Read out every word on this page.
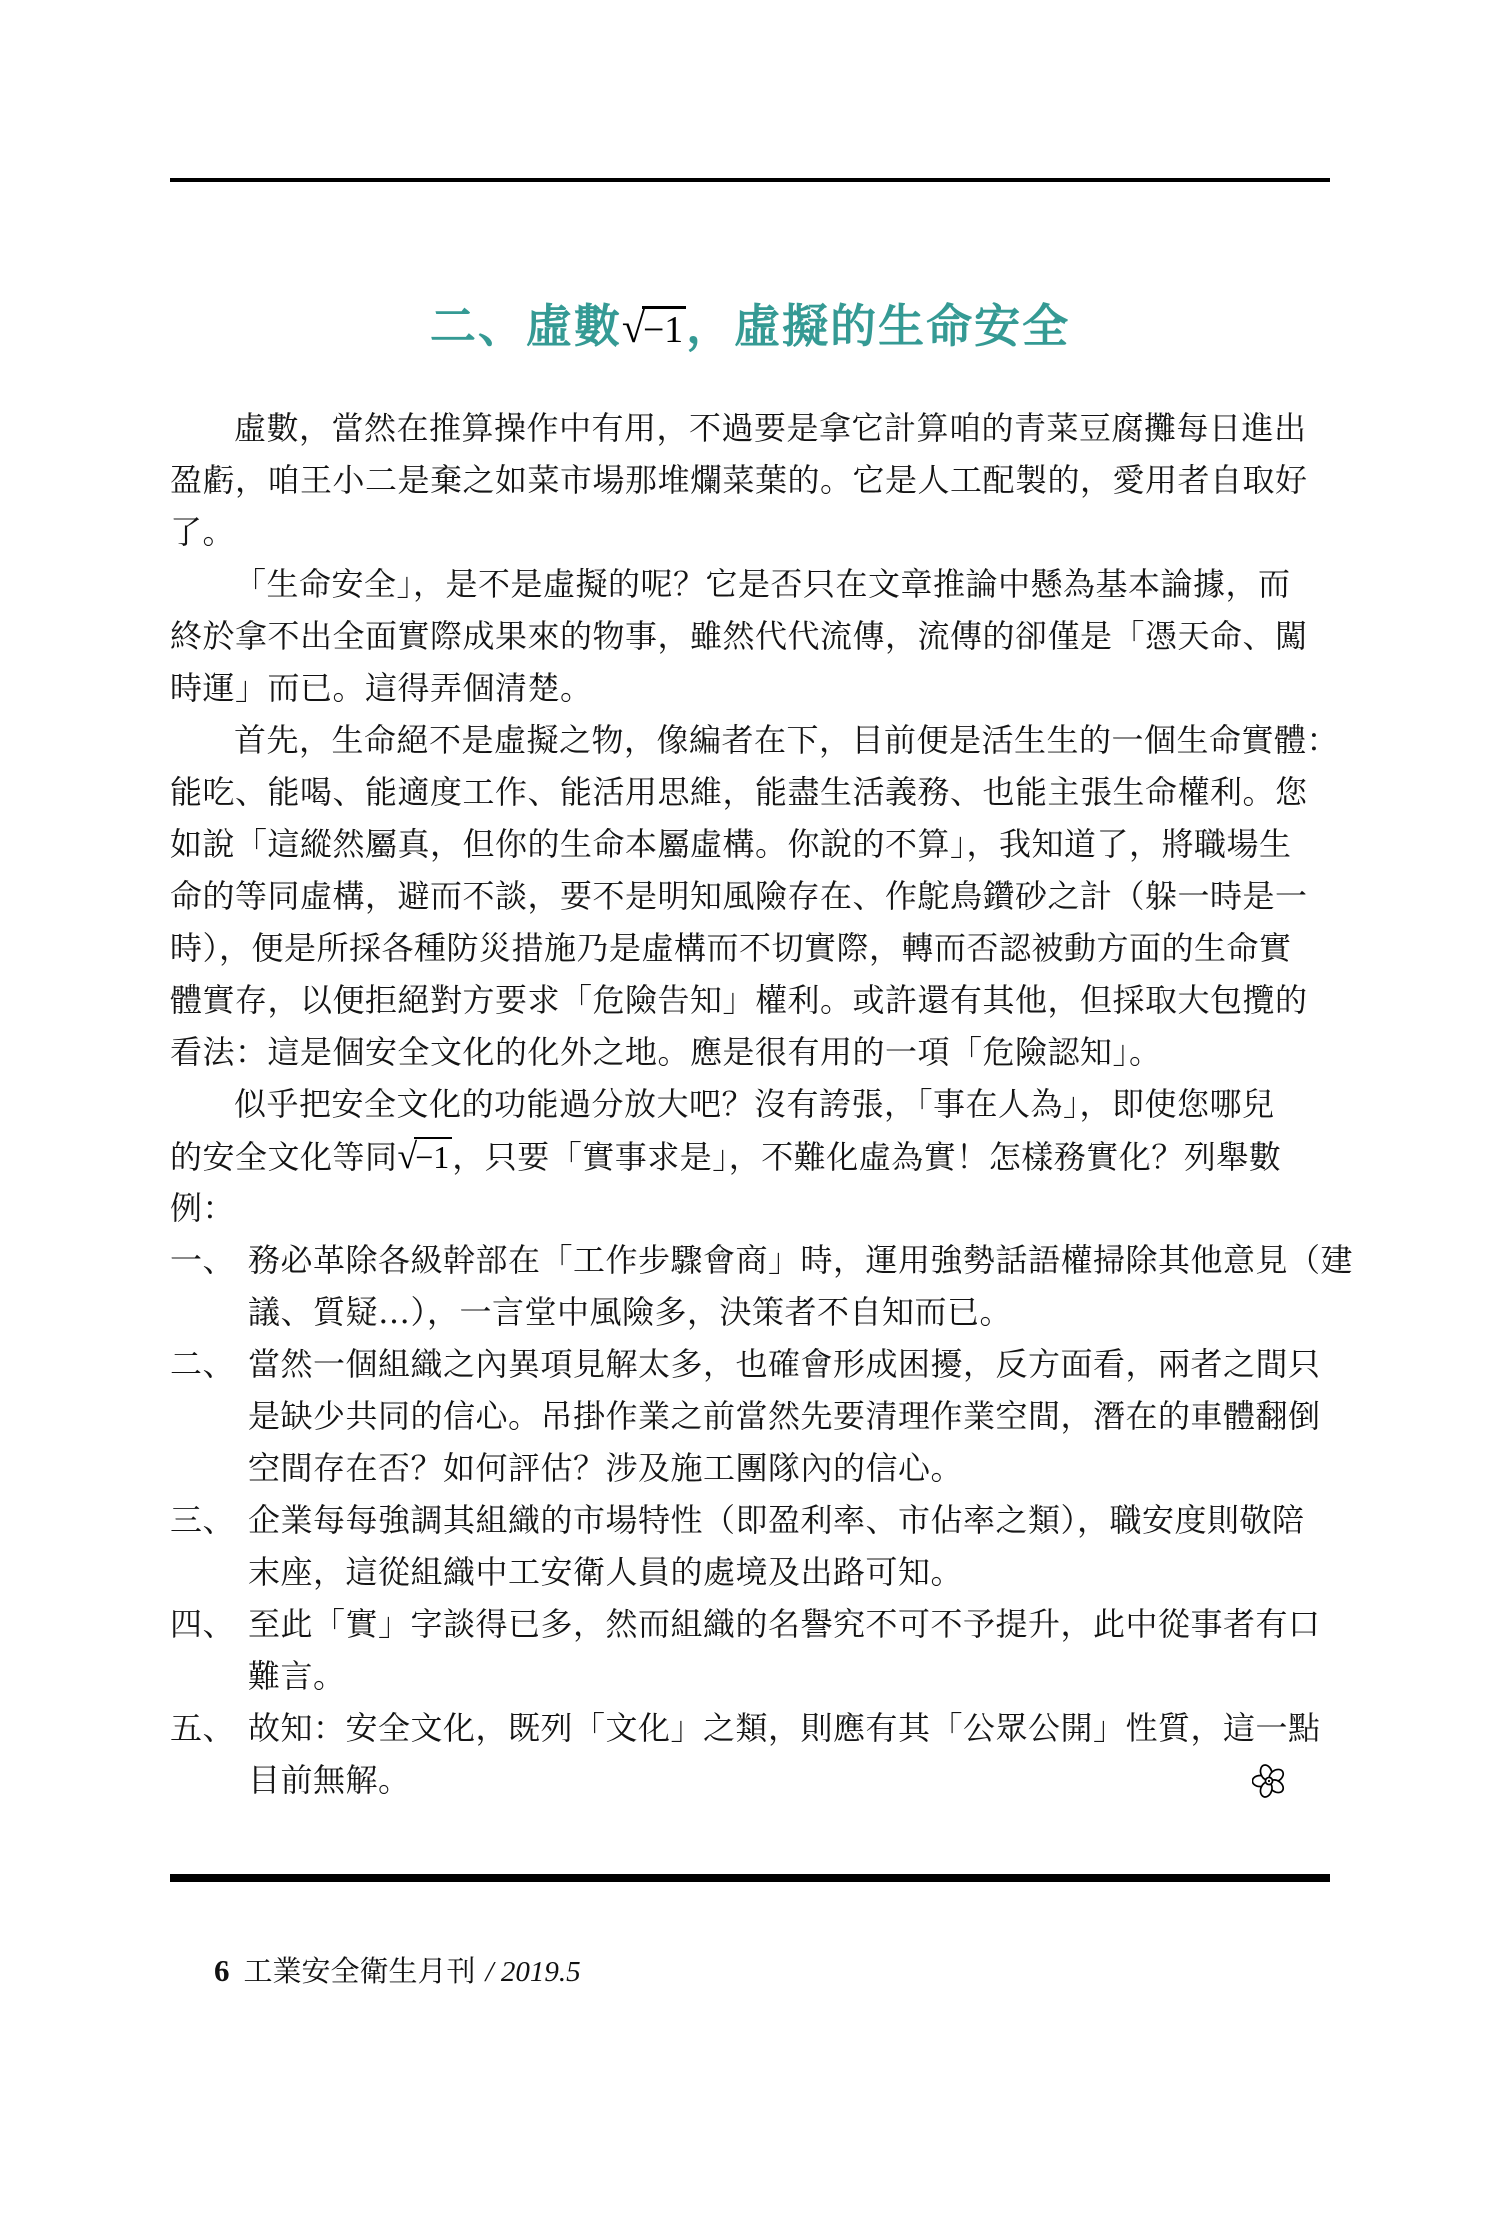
二、虛數√−1，虛擬的生命安全
虛數，當然在推算操作中有用，不過要是拿它計算咱的青菜豆腐攤每日進出
盈虧，咱王小二是棄之如菜市場那堆爛菜葉的。它是人工配製的，愛用者自取好
了。
「生命安全」，是不是虛擬的呢？它是否只在文章推論中懸為基本論據，而
終於拿不出全面實際成果來的物事，雖然代代流傳，流傳的卻僅是「憑天命、闖
時運」而已。這得弄個清楚。
首先，生命絕不是虛擬之物，像編者在下，目前便是活生生的一個生命實體：
能吃、能喝、能適度工作、能活用思維，能盡生活義務、也能主張生命權利。您
如說「這縱然屬真，但你的生命本屬虛構。你說的不算」，我知道了，將職場生
命的等同虛構，避而不談，要不是明知風險存在、作鴕鳥鑽砂之計（躲一時是一
時），便是所採各種防災措施乃是虛構而不切實際，轉而否認被動方面的生命實
體實存，以便拒絕對方要求「危險告知」權利。或許還有其他，但採取大包攬的
看法：這是個安全文化的化外之地。應是很有用的一項「危險認知」。
似乎把安全文化的功能過分放大吧？沒有誇張，「事在人為」，即使您哪兒
的安全文化等同√−1，只要「實事求是」，不難化虛為實！怎樣務實化？列舉數
例：
一、 務必革除各級幹部在「工作步驟會商」時，運用強勢話語權掃除其他意見（建
議、質疑…），一言堂中風險多，決策者不自知而已。
二、 當然一個組織之內異項見解太多，也確會形成困擾，反方面看，兩者之間只
是缺少共同的信心。吊掛作業之前當然先要清理作業空間，潛在的車體翻倒
空間存在否？如何評估？涉及施工團隊內的信心。
三、 企業每每強調其組織的市場特性（即盈利率、市佔率之類），職安度則敬陪
末座，這從組織中工安衛人員的處境及出路可知。
四、 至此「實」字談得已多，然而組織的名譽究不可不予提升，此中從事者有口
難言。
五、 故知：安全文化，既列「文化」之類，則應有其「公眾公開」性質，這一點
目前無解。
6 工業安全衛生月刊 / 2019.5
